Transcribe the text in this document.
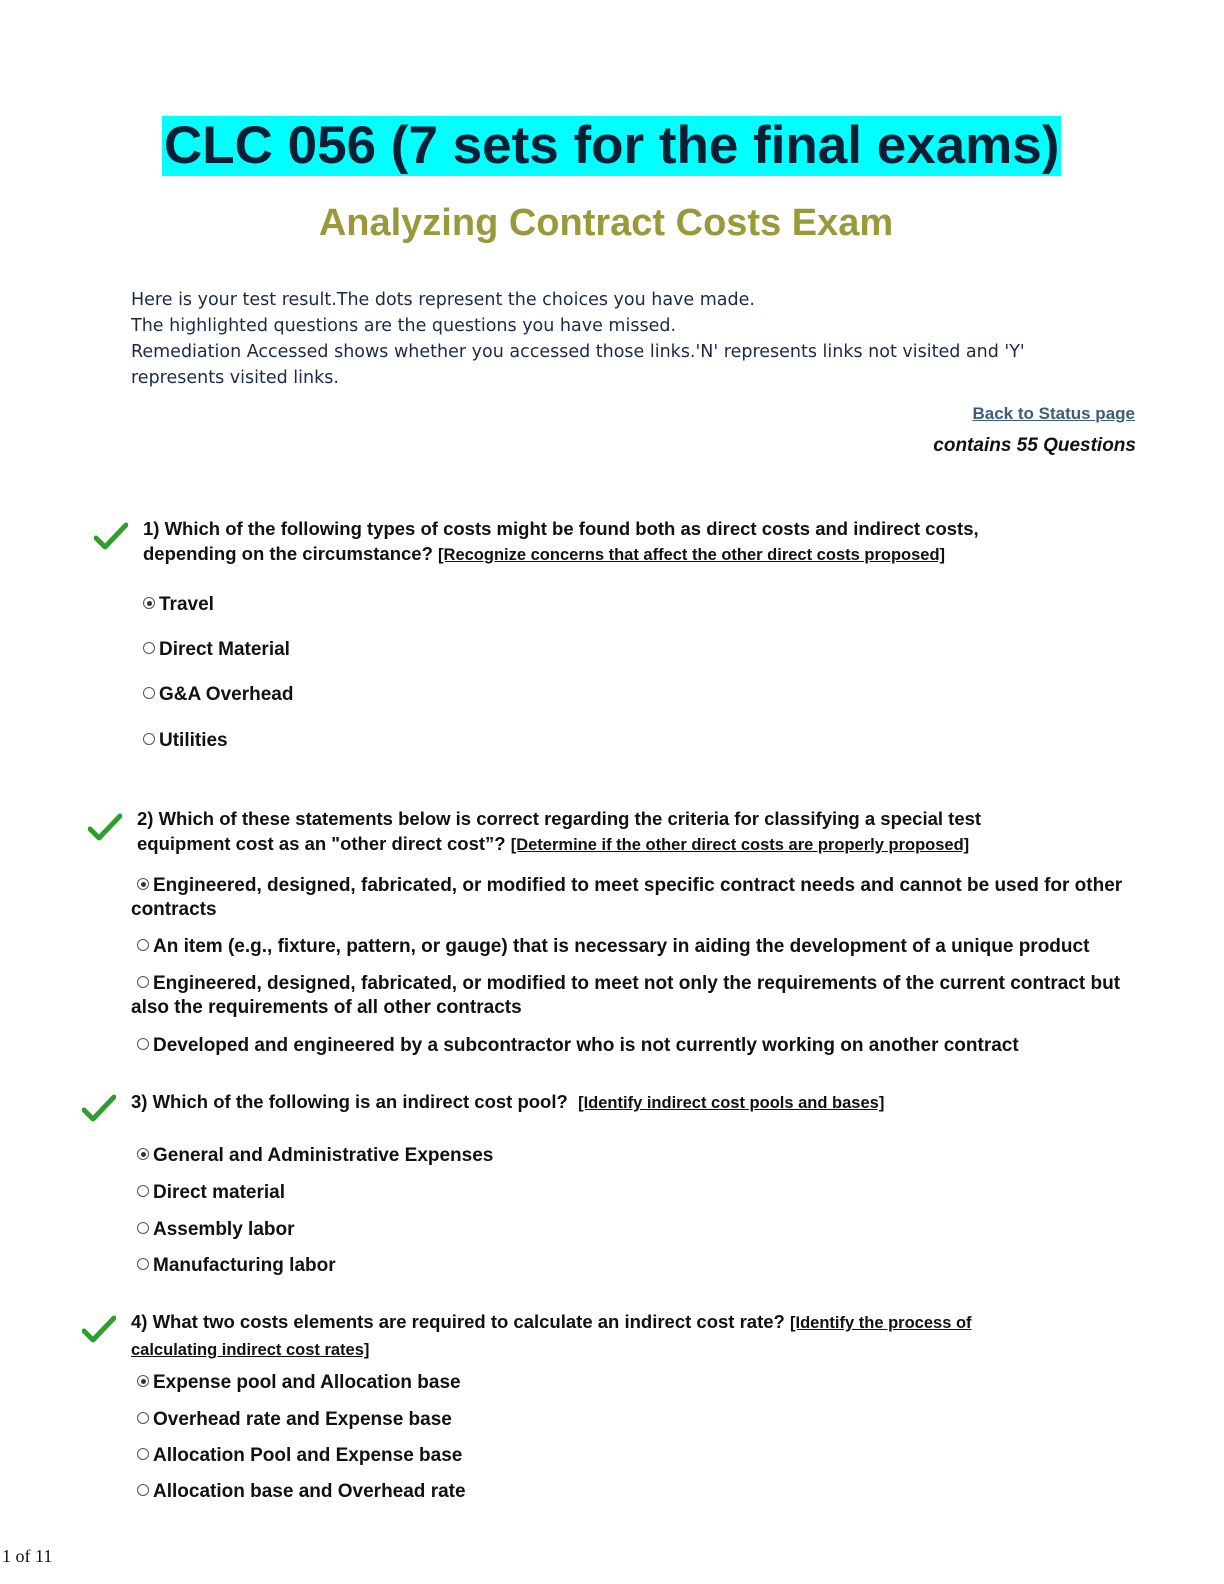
CLC 056 (7 sets for the final exams)
Analyzing Contract Costs Exam
Here is your test result.The dots represent the choices you have made.
The highlighted questions are the questions you have missed.
Remediation Accessed shows whether you accessed those links.'N' represents links not visited and 'Y' represents visited links.
Back to Status page
contains 55 Questions
1) Which of the following types of costs might be found both as direct costs and indirect costs, depending on the circumstance? [Recognize concerns that affect the other direct costs proposed]
Travel
Direct Material
G&A Overhead
Utilities
2) Which of these statements below is correct regarding the criteria for classifying a special test equipment cost as an "other direct cost”? [Determine if the other direct costs are properly proposed]
Engineered, designed, fabricated, or modified to meet specific contract needs and cannot be used for other contracts
An item (e.g., fixture, pattern, or gauge) that is necessary in aiding the development of a unique product
Engineered, designed, fabricated, or modified to meet not only the requirements of the current contract but also the requirements of all other contracts
Developed and engineered by a subcontractor who is not currently working on another contract
3) Which of the following is an indirect cost pool? [Identify indirect cost pools and bases]
General and Administrative Expenses
Direct material
Assembly labor
Manufacturing labor
4) What two costs elements are required to calculate an indirect cost rate? [Identify the process of calculating indirect cost rates]
Expense pool and Allocation base
Overhead rate and Expense base
Allocation Pool and Expense base
Allocation base and Overhead rate
1 of 11
